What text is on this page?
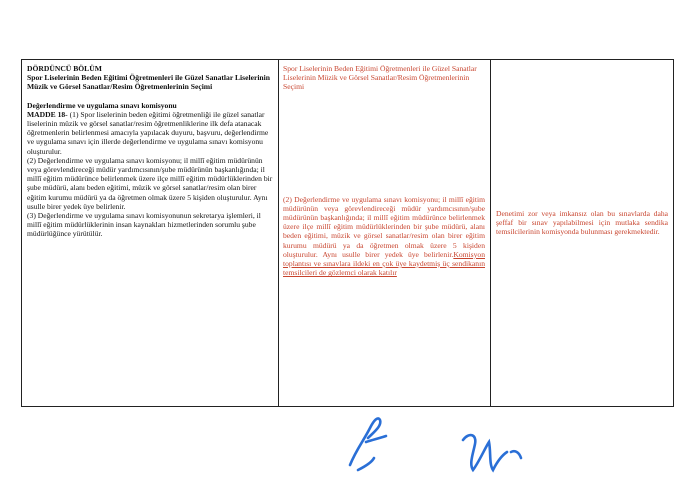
DÖRDÜNCÜ BÖLÜM

Spor Liselerinin Beden Eğitimi Öğretmenleri ile Güzel Sanatlar Liselerinin Müzik ve Görsel Sanatlar/Resim Öğretmenlerinin Seçimi

Değerlendirme ve uygulama sınavı komisyonu

MADDE 18- (1) Spor liselerinin beden eğitimi öğretmenliği ile güzel sanatlar liselerinin müzik ve görsel sanatlar/resim öğretmenliklerine ilk defa atanacak öğretmenlerin belirlenmesi amacıyla yapılacak duyuru, başvuru, değerlendirme ve uygulama sınavı için illerde değerlendirme ve uygulama sınavı komisyonu oluşturulur.

(2) Değerlendirme ve uygulama sınavı komisyonu; il millî eğitim müdürünün veya görevlendireceği müdür yardımcısının/şube müdürünün başkanlığında; il millî eğitim müdürünce belirlenmek üzere ilçe millî eğitim müdürlüklerinden bir şube müdürü, alanı beden eğitimi, müzik ve görsel sanatlar/resim olan birer eğitim kurumu müdürü ya da öğretmen olmak üzere 5 kişiden oluşturulur. Aynı usulle birer yedek üye belirlenir.

(3) Değerlendirme ve uygulama sınavı komisyonunun sekretarya işlemleri, il millî eğitim müdürlüklerinin insan kaynakları hizmetlerinden sorumlu şube müdürlüğünce yürütülür.

Spor Liselerinin Beden Eğitimi Öğretmenleri ile Güzel Sanatlar Liselerinin Müzik ve Görsel Sanatlar/Resim Öğretmenlerinin Seçimi

(2) Değerlendirme ve uygulama sınavı komisyonu; il millî eğitim müdürünün veya görevlendireceği müdür yardımcısının/şube müdürünün başkanlığında; il millî eğitim müdürünce belirlenmek üzere ilçe millî eğitim müdürlüklerinden bir şube müdürü, alanı beden eğitimi, müzik ve görsel sanatlar/resim olan birer eğitim kurumu müdürü ya da öğretmen olmak üzere 5 kişiden oluşturulur. Aynı usulle birer yedek üye belirlenir.Komisyon toplantısı ve sınavlara ildeki en çok üye kaydetmiş üç sendikanın temsilcileri de gözlemci olarak katılır

Denetimi zor veya imkansız olan bu sınavlarda daha şeffaf bir sınav yapılabilmesi için mutlaka sendika temsilcilerinin komisyonda bulunması gerekmektedir.
